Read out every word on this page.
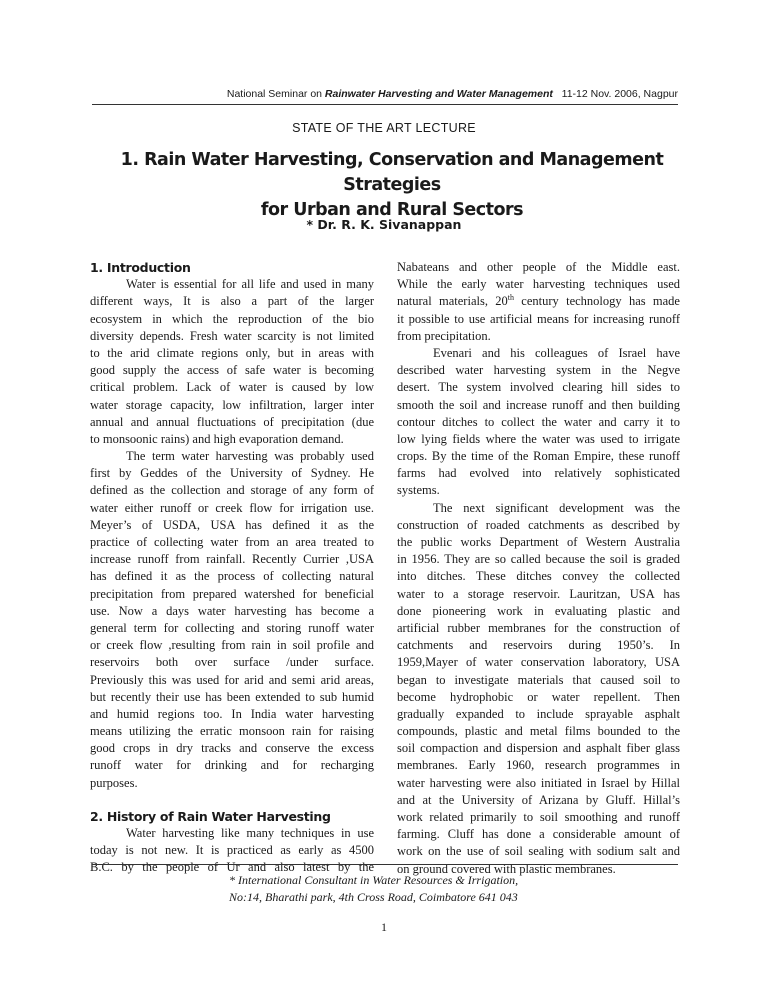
National Seminar on Rainwater Harvesting and Water Management 11-12 Nov. 2006, Nagpur
STATE OF THE ART LECTURE
1. Rain Water Harvesting, Conservation and Management Strategies
for Urban and Rural Sectors
* Dr. R. K. Sivanappan
1. Introduction
Water is essential for all life and used in many
different ways, It is also a part of the larger
ecosystem in which the reproduction of the bio
diversity depends. Fresh water scarcity is not limited
to the arid climate regions only, but in areas with
good supply the access of safe water is becoming
critical problem. Lack of water is caused by low
water storage capacity, low infiltration, larger inter
annual and annual fluctuations of precipitation (due
to monsoonic rains) and high evaporation demand.
The term water harvesting was probably used
first by Geddes of the University of Sydney. He
defined as the collection and storage of any form of
water either runoff or creek flow for irrigation use.
Meyer’s of USDA, USA has defined it as the
practice of collecting water from an area treated to
increase runoff from rainfall. Recently Currier ,USA
has defined it as the process of collecting natural
precipitation from prepared watershed for beneficial
use. Now a days water harvesting has become a
general term for collecting and storing runoff water
or creek flow ,resulting from rain in soil profile and
reservoirs both over surface /under surface.
Previously this was used for arid and semi arid areas,
but recently their use has been extended to sub humid
and humid regions too. In India water harvesting
means utilizing the erratic monsoon rain for raising
good crops in dry tracks and conserve the excess
runoff water for drinking and for recharging
purposes.
2. History of Rain Water Harvesting
Water harvesting like many techniques in use
today is not new. It is practiced as early as 4500
B.C. by the people of Ur and also latest by the
Nabateans and other people of the Middle east.
While the early water harvesting techniques used
natural materials, 20th century technology has made
it possible to use artificial means for increasing runoff
from precipitation.
Evenari and his colleagues of Israel have
described water harvesting system in the Negve
desert. The system involved clearing hill sides to
smooth the soil and increase runoff and then building
contour ditches to collect the water and carry it to
low lying fields where the water was used to irrigate
crops. By the time of the Roman Empire, these runoff
farms had evolved into relatively sophisticated
systems.
The next significant development was the
construction of roaded catchments as described by
the public works Department of Western Australia
in 1956. They are so called because the soil is graded
into ditches. These ditches convey the collected
water to a storage reservoir. Lauritzan, USA has
done pioneering work in evaluating plastic and
artificial rubber membranes for the construction of
catchments and reservoirs during 1950’s. In
1959,Mayer of water conservation laboratory, USA
began to investigate materials that caused soil to
become hydrophobic or water repellent. Then
gradually expanded to include sprayable asphalt
compounds, plastic and metal films bounded to the
soil compaction and dispersion and asphalt fiber glass
membranes. Early 1960, research programmes in
water harvesting were also initiated in Israel by Hillal
and at the University of Arizana by Gluff. Hillal’s
work related primarily to soil smoothing and runoff
farming. Cluff has done a considerable amount of
work on the use of soil sealing with sodium salt and
on ground covered with plastic membranes.
* International Consultant in Water Resources & Irrigation,
No:14, Bharathi park, 4th Cross Road, Coimbatore 641 043
1
